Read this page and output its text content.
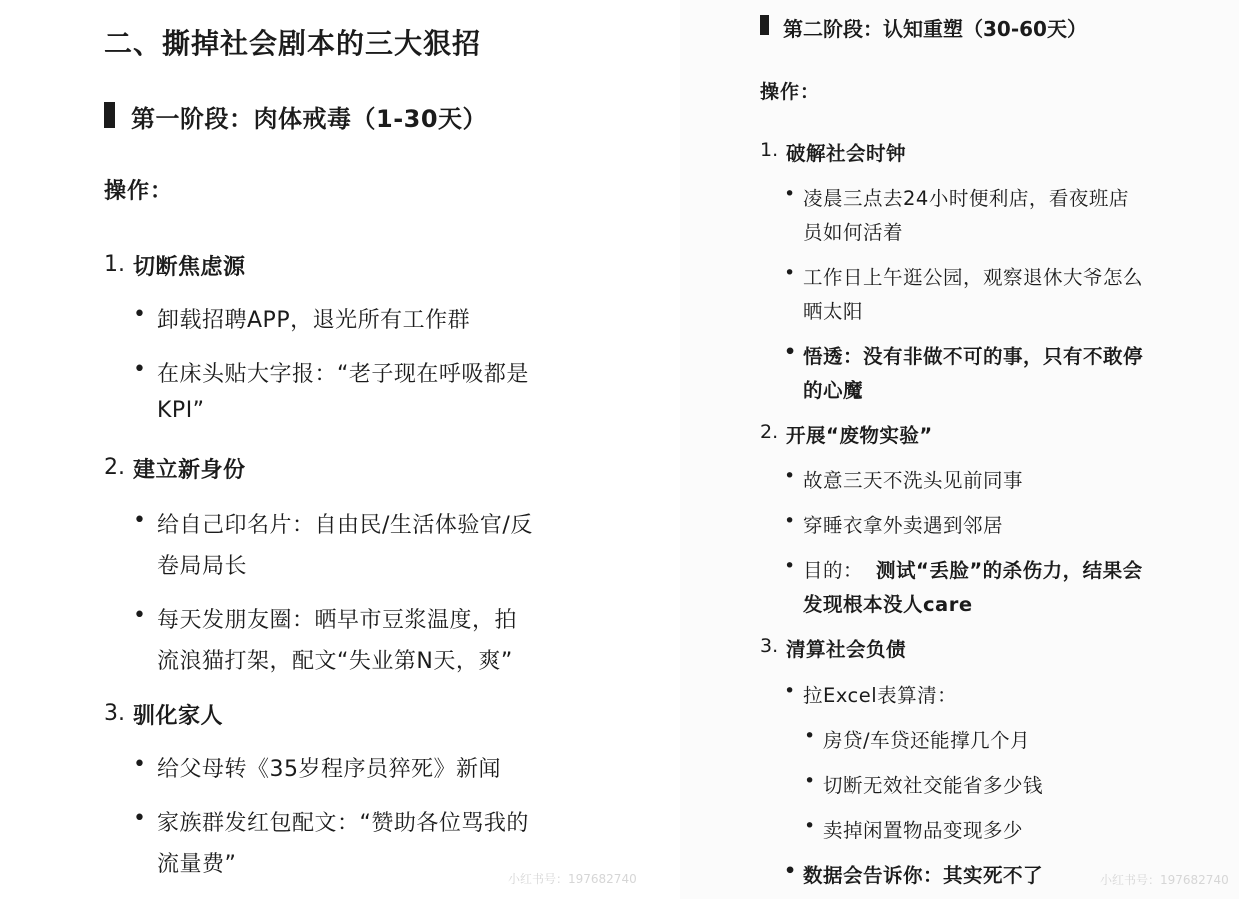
二、撕掉社会剧本的三大狠招
第一阶段：肉体戒毒（1-30天）
操作：
1. 切断焦虑源
• 卸载招聘APP，退光所有工作群
• 在床头贴大字报：“老子现在呼吸都是
KPI”
2. 建立新身份
• 给自己印名片：自由民/生活体验官/反
卷局局长
• 每天发朋友圈：晒早市豆浆温度，拍
流浪猫打架，配文“失业第N天，爽”
3. 驯化家人
• 给父母转《35岁程序员猝死》新闻
• 家族群发红包配文：“赞助各位骂我的
流量费”
小红书号：197682740
第二阶段：认知重塑（30-60天）
操作：
1. 破解社会时钟
• 凌晨三点去24小时便利店，看夜班店
员如何活着
• 工作日上午逛公园，观察退休大爷怎么
晒太阳
• 悟透：没有非做不可的事，只有不敢停
的心魔
2. 开展“废物实验”
• 故意三天不洗头见前同事
• 穿睡衣拿外卖遇到邻居
• 目的： 测试“丢脸”的杀伤力，结果会
发现根本没人care
3. 清算社会负债
• 拉Excel表算清：
• 房贷/车贷还能撑几个月
• 切断无效社交能省多少钱
• 卖掉闲置物品变现多少
• 数据会告诉你：其实死不了	小红书号：197682740
